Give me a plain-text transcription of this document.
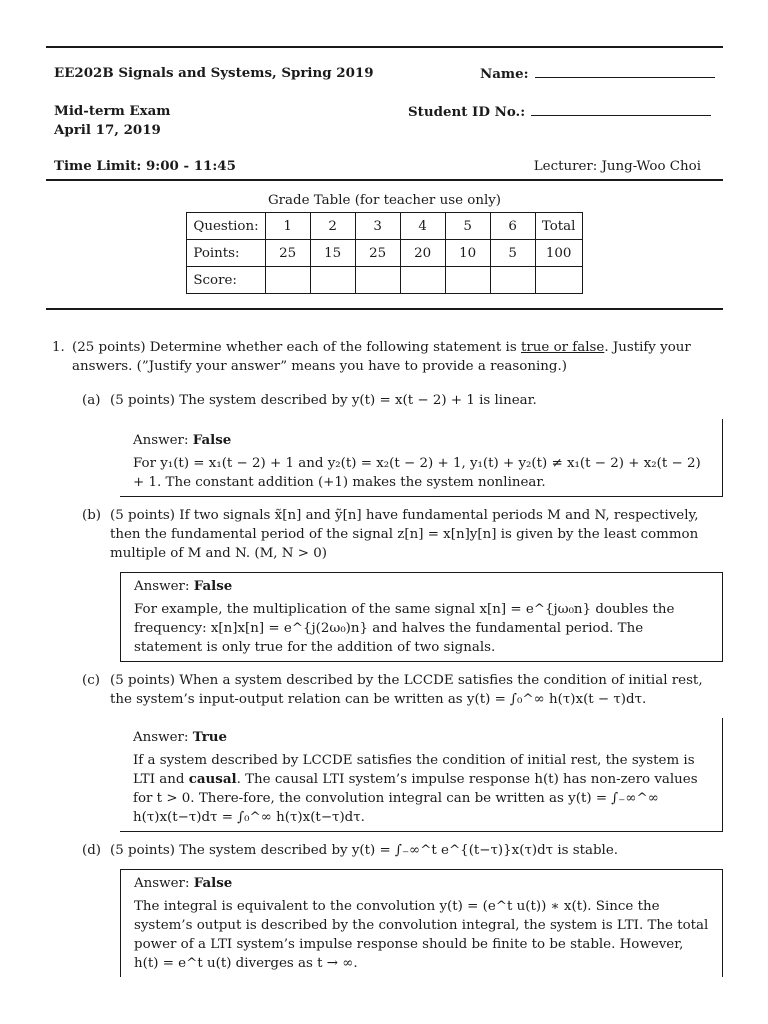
EE202B Signals and Systems, Spring 2019	Name:
Mid-term Exam	Student ID No.:
April 17, 2019
Time Limit: 9:00 - 11:45	Lecturer: Jung-Woo Choi
Grade Table (for teacher use only)
Question:	1	2	3	4	5	6	Total
Points:	25	15	25	20	10	5	100
Score:							
1. (25 points) Determine whether each of the following statement is true or false. Justify your answers. (”Justify your answer” means you have to provide a reasoning.)
(a) (5 points) The system described by y(t) = x(t − 2) + 1 is linear.
Answer: False
For y₁(t) = x₁(t − 2) + 1 and y₂(t) = x₂(t − 2) + 1, y₁(t) + y₂(t) ≠ x₁(t − 2) + x₂(t − 2) + 1. The constant addition (+1) makes the system nonlinear.
(b) (5 points) If two signals x̃[n] and ỹ[n] have fundamental periods M and N, respectively, then the fundamental period of the signal z[n] = x[n]y[n] is given by the least common multiple of M and N. (M, N > 0)
Answer: False
For example, the multiplication of the same signal x[n] = e^{jω₀n} doubles the frequency: x[n]x[n] = e^{j(2ω₀)n} and halves the fundamental period. The statement is only true for the addition of two signals.
(c) (5 points) When a system described by the LCCDE satisfies the condition of initial rest, the system’s input-output relation can be written as y(t) = ∫₀^∞ h(τ)x(t − τ)dτ.
Answer: True
If a system described by LCCDE satisfies the condition of initial rest, the system is LTI and causal. The causal LTI system’s impulse response h(t) has non-zero values for t > 0. There-fore, the convolution integral can be written as y(t) = ∫₋∞^∞ h(τ)x(t−τ)dτ = ∫₀^∞ h(τ)x(t−τ)dτ.
(d) (5 points) The system described by y(t) = ∫₋∞^t e^{(t−τ)}x(τ)dτ is stable.
Answer: False
The integral is equivalent to the convolution y(t) = (e^t u(t)) ∗ x(t). Since the system’s output is described by the convolution integral, the system is LTI. The total power of a LTI system’s impulse response should be finite to be stable. However, h(t) = e^t u(t) diverges as t → ∞.
